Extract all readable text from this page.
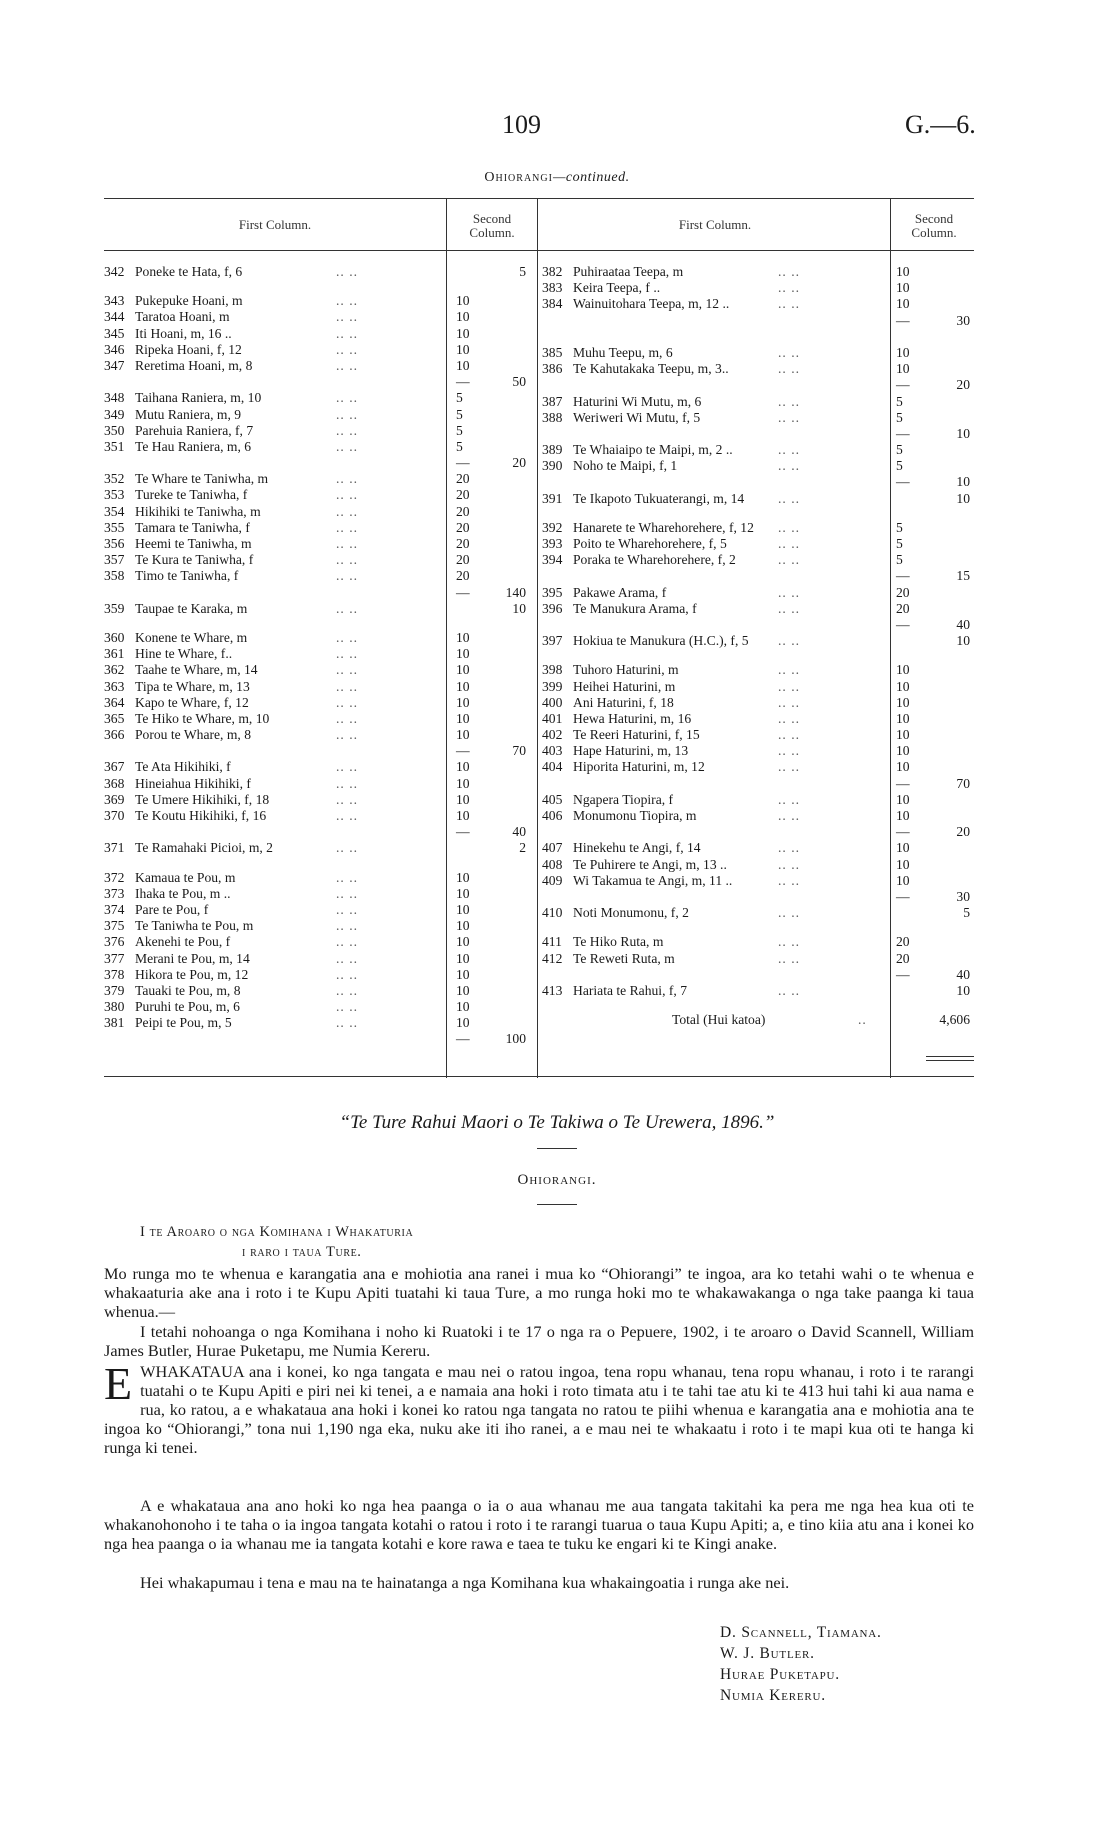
109	G.—6.
Ohiorangi—continued.
First Column.	Second Column.
First Column.	Second Column.
342 Poneke te Hata, f, 6	.. ..	5
343 Pukepuke Hoani, m	.. ..	10
344 Taratoa Hoani, m	.. ..	10
345 Iti Hoani, m, 16 ..	.. ..	10
346 Ripeka Hoani, f, 12	.. ..	10
347 Reretima Hoani, m, 8	.. ..	10
—	50
348 Taihana Raniera, m, 10	.. ..	5
349 Mutu Raniera, m, 9	.. ..	5
350 Parehuia Raniera, f, 7	.. ..	5
351 Te Hau Raniera, m, 6	.. ..	5
—	20
352 Te Whare te Taniwha, m	.. ..	20
353 Tureke te Taniwha, f	.. ..	20
354 Hikihiki te Taniwha, m	.. ..	20
355 Tamara te Taniwha, f	.. ..	20
356 Heemi te Taniwha, m	.. ..	20
357 Te Kura te Taniwha, f	.. ..	20
358 Timo te Taniwha, f	.. ..	20
—	140
359 Taupae te Karaka, m	.. ..	10
360 Konene te Whare, m	.. ..	10
361 Hine te Whare, f..	.. ..	10
362 Taahe te Whare, m, 14	.. ..	10
363 Tipa te Whare, m, 13	.. ..	10
364 Kapo te Whare, f, 12	.. ..	10
365 Te Hiko te Whare, m, 10	.. ..	10
366 Porou te Whare, m, 8	.. ..	10
—	70
367 Te Ata Hikihiki, f	.. ..	10
368 Hineiahua Hikihiki, f	.. ..	10
369 Te Umere Hikihiki, f, 18	.. ..	10
370 Te Koutu Hikihiki, f, 16	.. ..	10
—	40
371 Te Ramahaki Picioi, m, 2	.. ..	2
372 Kamaua te Pou, m	.. ..	10
373 Ihaka te Pou, m ..	.. ..	10
374 Pare te Pou, f	.. ..	10
375 Te Taniwha te Pou, m	.. ..	10
376 Akenehi te Pou, f	.. ..	10
377 Merani te Pou, m, 14	.. ..	10
378 Hikora te Pou, m, 12	.. ..	10
379 Tauaki te Pou, m, 8	.. ..	10
380 Puruhi te Pou, m, 6	.. ..	10
381 Peipi te Pou, m, 5	.. ..	10
—	100
382 Puhiraataa Teepa, m	.. ..	10
383 Keira Teepa, f ..	.. ..	10
384 Wainuitohara Teepa, m, 12 ..	.. ..	10
—	30
385 Muhu Teepu, m, 6	.. ..	10
386 Te Kahutakaka Teepu, m, 3..	.. ..	10
—	20
387 Haturini Wi Mutu, m, 6	.. ..	5
388 Weriweri Wi Mutu, f, 5	.. ..	5
—	10
389 Te Whaiaipo te Maipi, m, 2 ..	.. ..	5
390 Noho te Maipi, f, 1	.. ..	5
—	10
391 Te Ikapoto Tukuaterangi, m, 14 .. ..	10
392 Hanarete te Wharehorehere, f, 12 .. ..	5
393 Poito te Wharehorehere, f, 5	.. ..	5
394 Poraka te Wharehorehere, f, 2	.. ..	5
—	15
395 Pakawe Arama, f	.. ..	20
396 Te Manukura Arama, f	.. ..	20
—	40
397 Hokiua te Manukura (H.C.), f, 5 .. ..	10
398 Tuhoro Haturini, m	.. ..	10
399 Heihei Haturini, m	.. ..	10
400 Ani Haturini, f, 18	.. ..	10
401 Hewa Haturini, m, 16	.. ..	10
402 Te Reeri Haturini, f, 15	.. ..	10
403 Hape Haturini, m, 13	.. ..	10
404 Hiporita Haturini, m, 12	.. ..	10
—	70
405 Ngapera Tiopira, f	.. ..	10
406 Monumonu Tiopira, m	.. ..	10
—	20
407 Hinekehu te Angi, f, 14	.. ..	10
408 Te Puhirere te Angi, m, 13 ..	.. ..	10
409 Wi Takamua te Angi, m, 11 ..	.. ..	10
—	30
410 Noti Monumonu, f, 2	.. ..	5
411 Te Hiko Ruta, m	.. ..	20
412 Te Reweti Ruta, m	.. ..	20
—	40
413 Hariata te Rahui, f, 7	.. ..	10
Total (Hui katoa)	..	4,606
“Te Ture Rahui Maori o Te Takiwa o Te Urewera, 1896.”
Ohiorangi.
I te Aroaro o nga Komihana i Whakaturia
i raro i taua Ture.
Mo runga mo te whenua e karangatia ana e mohiotia ana ranei i mua ko “Ohiorangi” te ingoa, ara ko tetahi wahi o te whenua e whakaaturia ake ana i roto i te Kupu Apiti tuatahi ki taua Ture, a mo runga hoki mo te whakawakanga o nga take paanga ki taua whenua.—
I tetahi nohoanga o nga Komihana i noho ki Ruatoki i te 17 o nga ra o Pepuere, 1902, i te aroaro o David Scannell, William James Butler, Hurae Puketapu, me Numia Kereru.
EWHAKATAUA ana i konei, ko nga tangata e mau nei o ratou ingoa, tena ropu whanau, tena ropu whanau, i roto i te rarangi tuatahi o te Kupu Apiti e piri nei ki tenei, a e namaia ana hoki i roto timata atu i te tahi tae atu ki te 413 hui tahi ki aua nama e rua, ko ratou, a e whakataua ana hoki i konei ko ratou nga tangata no ratou te piihi whenua e karangatia ana e mohiotia ana te ingoa ko “Ohiorangi,” tona nui 1,190 nga eka, nuku ake iti iho ranei, a e mau nei te whakaatu i roto i te mapi kua oti te hanga ki runga ki tenei.
A e whakataua ana ano hoki ko nga hea paanga o ia o aua whanau me aua tangata takitahi ka pera me nga hea kua oti te whakanohonoho i te taha o ia ingoa tangata kotahi o ratou i roto i te rarangi tuarua o taua Kupu Apiti; a, e tino kiia atu ana i konei ko nga hea paanga o ia whanau me ia tangata kotahi e kore rawa e taea te tuku ke engari ki te Kingi anake.
Hei whakapumau i tena e mau na te hainatanga a nga Komihana kua whakaingoatia i runga ake nei.
D. Scannell, Tiamana.
W. J. Butler.
Hurae Puketapu.
Numia Kereru.
